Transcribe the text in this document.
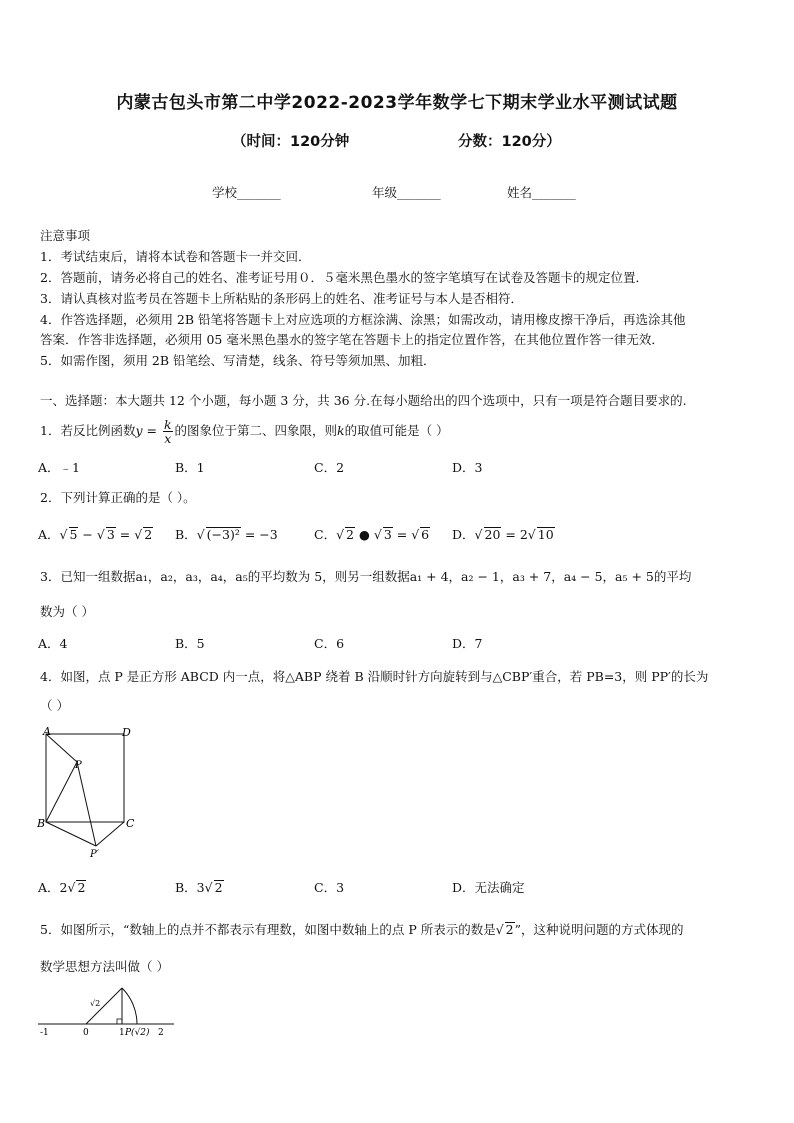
内蒙古包头市第二中学2022-2023学年数学七下期末学业水平测试试题
（时间：120分钟	分数：120分）
学校_______	年级_______	姓名_______
注意事项
1．考试结束后，请将本试卷和答题卡一并交回．
2．答题前，请务必将自己的姓名、准考证号用０．５毫米黑色墨水的签字笔填写在试卷及答题卡的规定位置．
3．请认真核对监考员在答题卡上所粘贴的条形码上的姓名、准考证号与本人是否相符．
4．作答选择题，必须用 2B 铅笔将答题卡上对应选项的方框涂满、涂黑；如需改动，请用橡皮擦干净后，再选涂其他
答案．作答非选择题，必须用 05 毫米黑色墨水的签字笔在答题卡上的指定位置作答，在其他位置作答一律无效．
5．如需作图，须用 2B 铅笔绘、写清楚，线条、符号等须加黑、加粗．
一、选择题：本大题共 12 个小题，每小题 3 分，共 36 分.在每小题给出的四个选项中，只有一项是符合题目要求的.
1．若反比例函数$y = \frac{k}{x}$ 的图象位于第二、四象限，则k的取值可能是（ ）
A．﹣1	B．1	C．2	D．3
2．下列计算正确的是（ ）。
A．√ 5 − √ 3 = √ 2 B．√ (−3)² = −3	C．√ 2 ● √ 3 = √ 6 D．√ 20 = 2√ 10
3．已知一组数据a₁，a₂，a₃，a₄，a₅的平均数为 5，则另一组数据a₁ + 4，a₂ − 1，a₃ + 7，a₄ − 5，a₅ + 5的平均
数为（ ）
A．4	B．5	C．6	D．7
4．如图，点 P 是正方形 ABCD 内一点，将△ABP 绕着 B 沿顺时针方向旋转到与△CBP′重合，若 PB=3，则 PP′的长为
（ ）
A	D
B	C
P
P′
A．2√ 2	B．3√ 2	C．3	D．无法确定
5．如图所示，“数轴上的点并不都表示有理数，如图中数轴上的点 P 所表示的数是√ 2”，这种说明问题的方式体现的
数学思想方法叫做（ ）
-1	0	1 P(√2) 2
√2
